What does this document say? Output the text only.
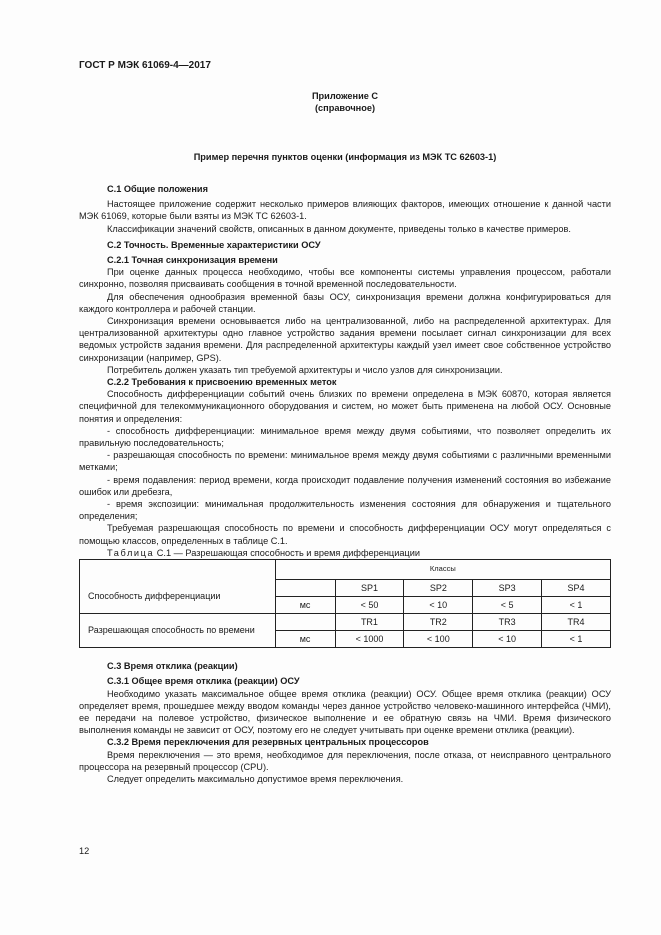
ГОСТ Р МЭК 61069-4—2017
Приложение С
(справочное)
Пример перечня пунктов оценки (информация из МЭК ТС 62603-1)
С.1 Общие положения

Настоящее приложение содержит несколько примеров влияющих факторов, имеющих отношение к данной части МЭК 61069, которые были взяты из МЭК ТС 62603-1.

Классификации значений свойств, описанных в данном документе, приведены только в качестве примеров.

С.2 Точность. Временные характеристики ОСУ
С.2.1 Точная синхронизация времени

При оценке данных процесса необходимо, чтобы все компоненты системы управления процессом, работали синхронно, позволяя присваивать сообщения в точной временной последовательности.

Для обеспечения однообразия временной базы ОСУ, синхронизация времени должна конфигурироваться для каждого контроллера и рабочей станции.

Синхронизация времени основывается либо на централизованной, либо на распределенной архитектурах. Для централизованной архитектуры одно главное устройство задания времени посылает сигнал синхронизации для всех ведомых устройств задания времени. Для распределенной архитектуры каждый узел имеет свое собственное устройство синхронизации (например, GPS).

Потребитель должен указать тип требуемой архитектуры и число узлов для синхронизации.

С.2.2 Требования к присвоению временных меток

Способность дифференциации событий очень близких по времени определена в МЭК 60870, которая является специфичной для телекоммуникационного оборудования и систем, но может быть применена на любой ОСУ. Основные понятия и определения:

- способность дифференциации: минимальное время между двумя событиями, что позволяет определить их правильную последовательность;

- разрешающая способность по времени: минимальное время между двумя событиями с различными временными метками;

- время подавления: период времени, когда происходит подавление получения изменений состояния во избежание ошибок или дребезга,

- время экспозиции: минимальная продолжительность изменения состояния для обнаружения и тщательного определения;

Требуемая разрешающая способность по времени и способность дифференциации ОСУ могут определяться с помощью классов, определенных в таблице С.1.

Таблица С.1 — Разрешающая способность и время дифференциации

	Классы				
Способность дифференциации		SP1	SP2	SP3	SP4
	мс	< 50	< 10	< 5	< 1
Разрешающая способность по времени		TR1	TR2	TR3	TR4
	мс	< 1000	< 100	< 10	< 1
С.3 Время отклика (реакции)
С.3.1 Общее время отклика (реакции) ОСУ

Необходимо указать максимальное общее время отклика (реакции) ОСУ. Общее время отклика (реакции) ОСУ определяет время, прошедшее между вводом команды через данное устройство человеко-машинного интерфейса (ЧМИ), ее передачи на полевое устройство, физическое выполнение и ее обратную связь на ЧМИ. Время физического выполнения команды не зависит от ОСУ, поэтому его не следует учитывать при оценке времени отклика (реакции).

С.3.2 Время переключения для резервных центральных процессоров

Время переключения — это время, необходимое для переключения, после отказа, от неисправного центрального процессора на резервный процессор (CPU).

Следует определить максимально допустимое время переключения.

12
